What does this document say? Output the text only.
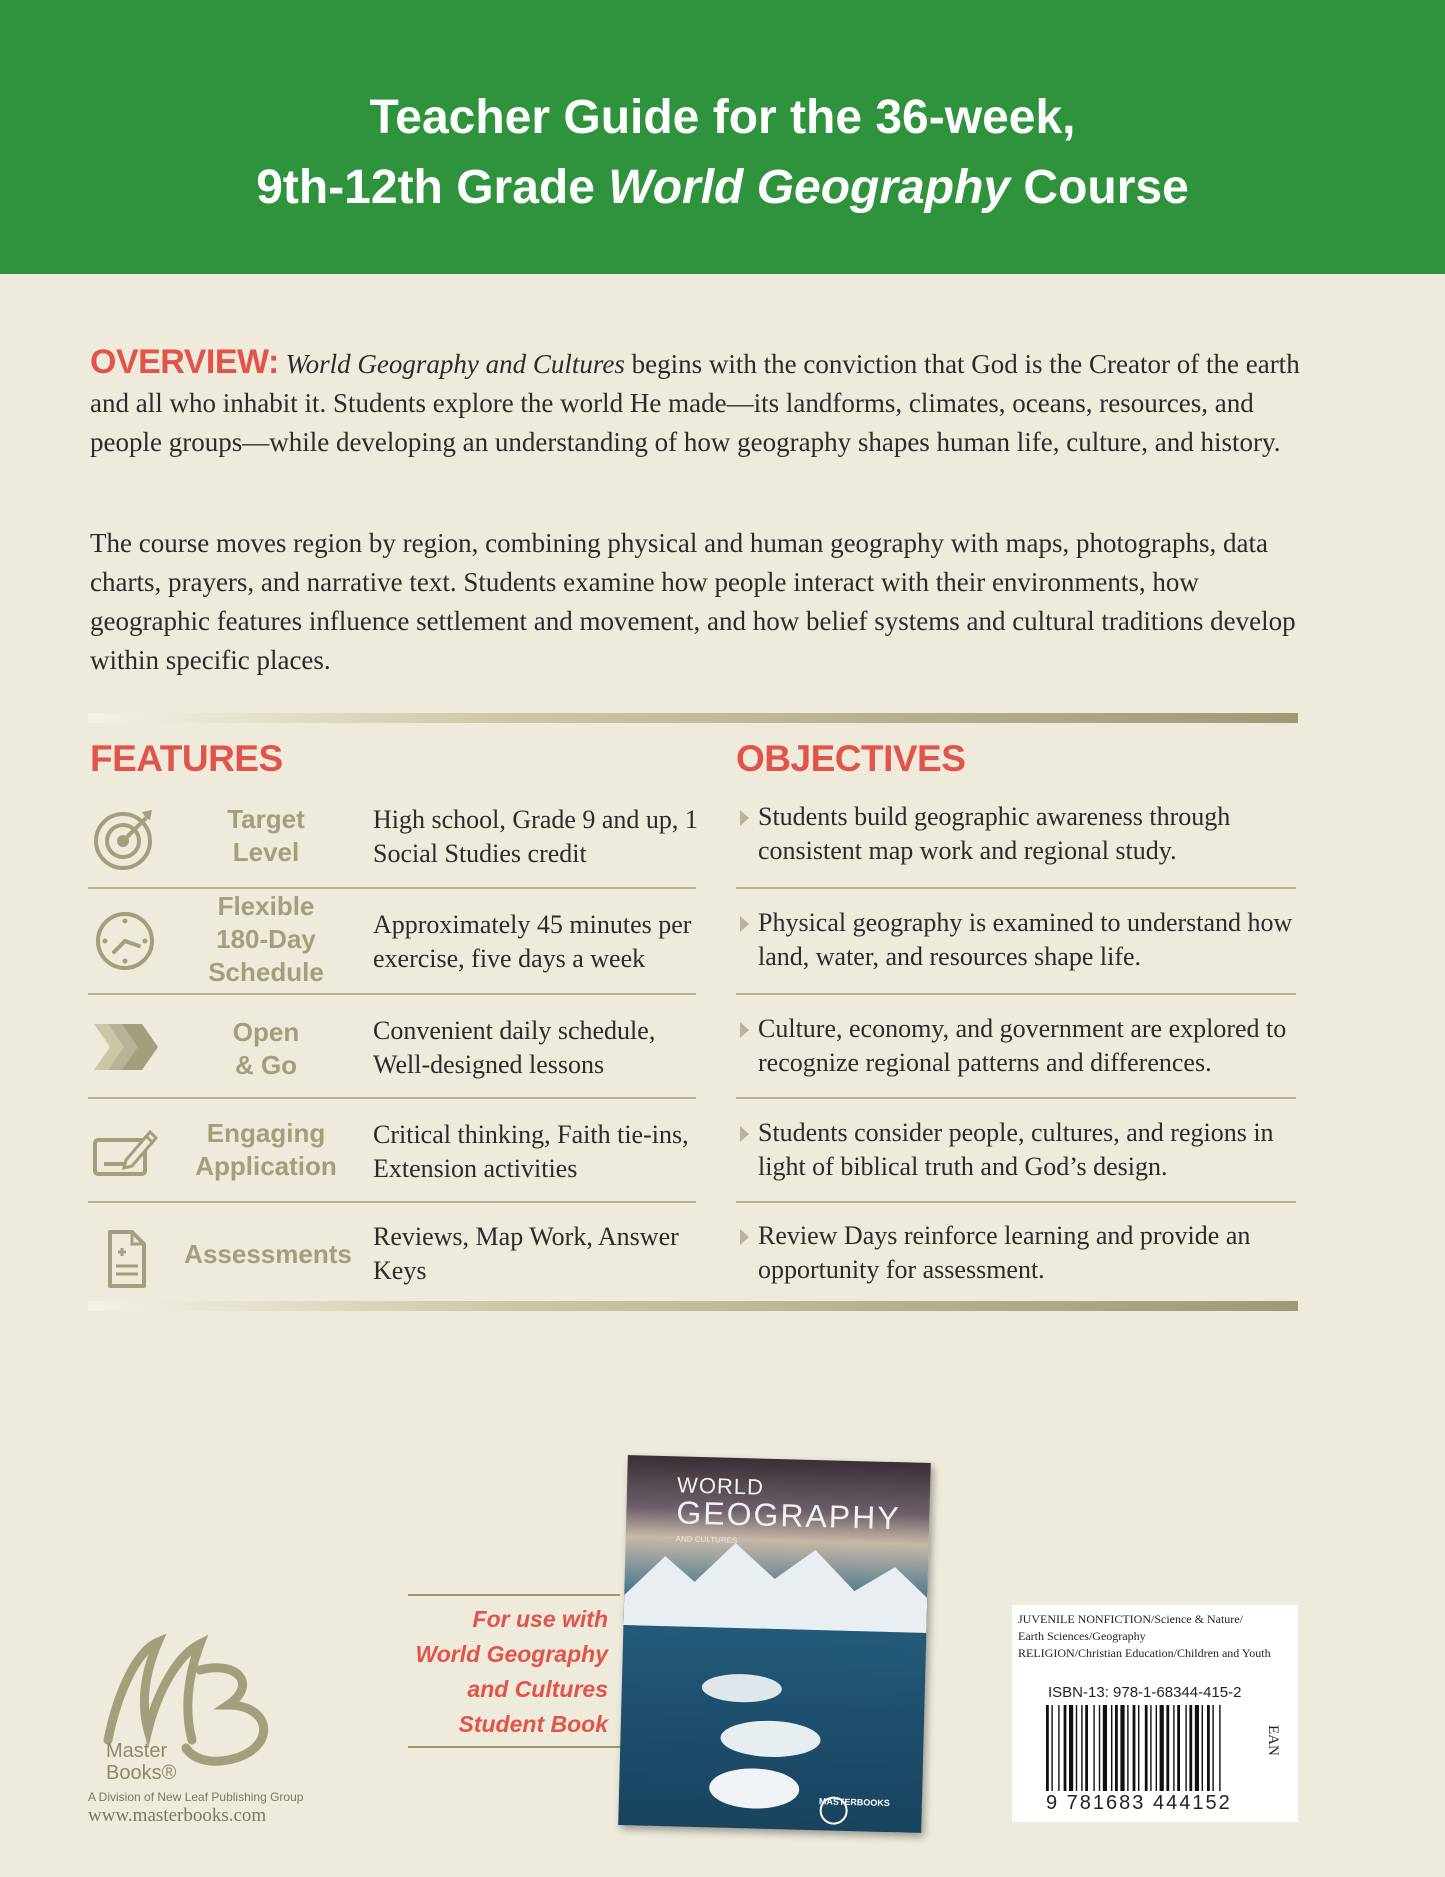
Teacher Guide for the 36-week,
9th-12th Grade World Geography Course
OVERVIEW: World Geography and Cultures begins with the conviction that God is the Creator of the earth and all who inhabit it. Students explore the world He made—its landforms, climates, oceans, resources, and people groups—while developing an understanding of how geography shapes human life, culture, and history.
The course moves region by region, combining physical and human geography with maps, photographs, data charts, prayers, and narrative text. Students examine how people interact with their environments, how geographic features influence settlement and movement, and how belief systems and cultural traditions develop within specific places.
FEATURES	OBJECTIVES
Target
Level
High school, Grade 9 and up, 1 Social Studies credit
Flexible
180-Day
Schedule
Approximately 45 minutes per exercise, five days a week
Open
& Go
Convenient daily schedule, Well-designed lessons
Engaging
Application
Critical thinking, Faith tie-ins, Extension activities
Assessments
Reviews, Map Work, Answer Keys
Students build geographic awareness through consistent map work and regional study.
Physical geography is examined to understand how land, water, and resources shape life.
Culture, economy, and government are explored to recognize regional patterns and differences.
Students consider people, cultures, and regions in light of biblical truth and God’s design.
Review Days reinforce learning and provide an opportunity for assessment.
Master
Books®
A Division of New Leaf Publishing Group
www.masterbooks.com
For use with
World Geography
and Cultures
Student Book
WORLD
GEOGRAPHY
AND CULTURES
MASTERBOOKS
JUVENILE NONFICTION/Science & Nature/
Earth Sciences/Geography
RELIGION/Christian Education/Children and Youth
ISBN-13: 978-1-68344-415-2
EAN
9 781683 444152
